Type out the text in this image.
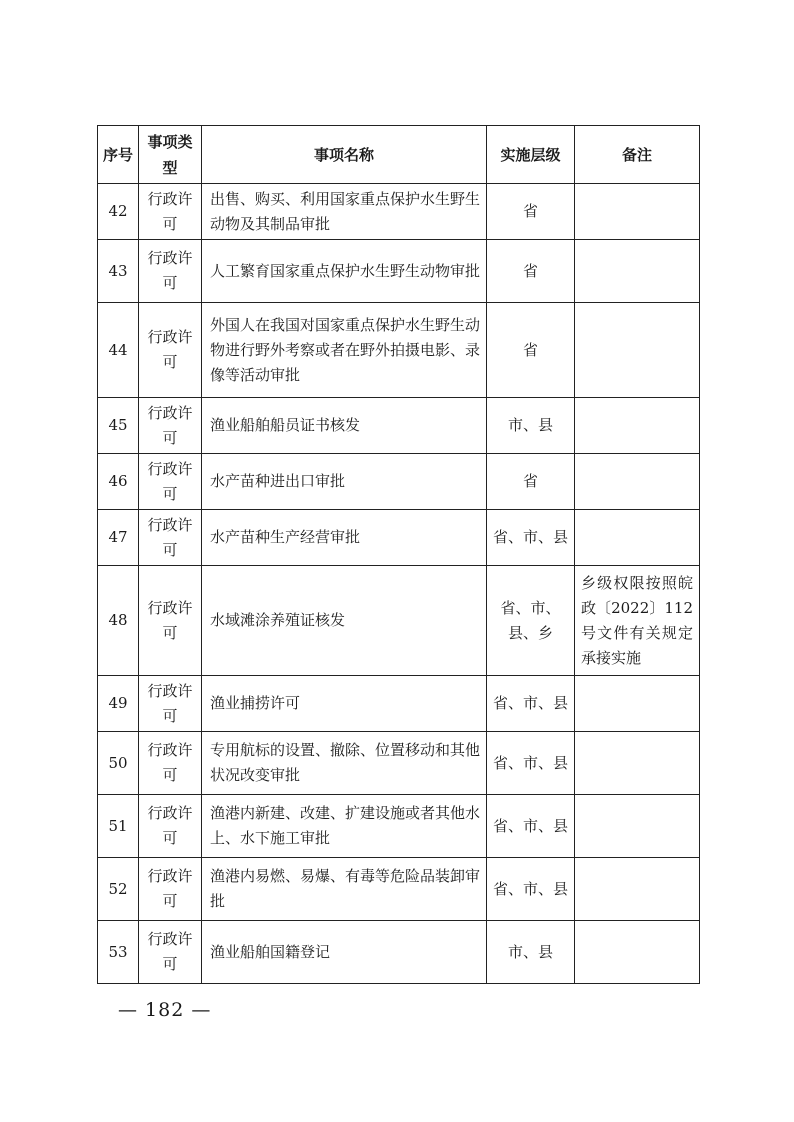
序号	事项类型	事项名称	实施层级	备注
42	行政许可	出售、购买、利用国家重点保护水生野生动物及其制品审批	省	
43	行政许可	人工繁育国家重点保护水生野生动物审批	省	
44	行政许可	外国人在我国对国家重点保护水生野生动物进行野外考察或者在野外拍摄电影、录像等活动审批	省	
45	行政许可	渔业船舶船员证书核发	市、县	
46	行政许可	水产苗种进出口审批	省	
47	行政许可	水产苗种生产经营审批	省、市、县	
48	行政许可	水域滩涂养殖证核发	省、市、县、乡	乡级权限按照皖政〔2022〕112号文件有关规定承接实施
49	行政许可	渔业捕捞许可	省、市、县	
50	行政许可	专用航标的设置、撤除、位置移动和其他状况改变审批	省、市、县	
51	行政许可	渔港内新建、改建、扩建设施或者其他水上、水下施工审批	省、市、县	
52	行政许可	渔港内易燃、易爆、有毒等危险品装卸审批	省、市、县	
53	行政许可	渔业船舶国籍登记	市、县	
— 182 —
